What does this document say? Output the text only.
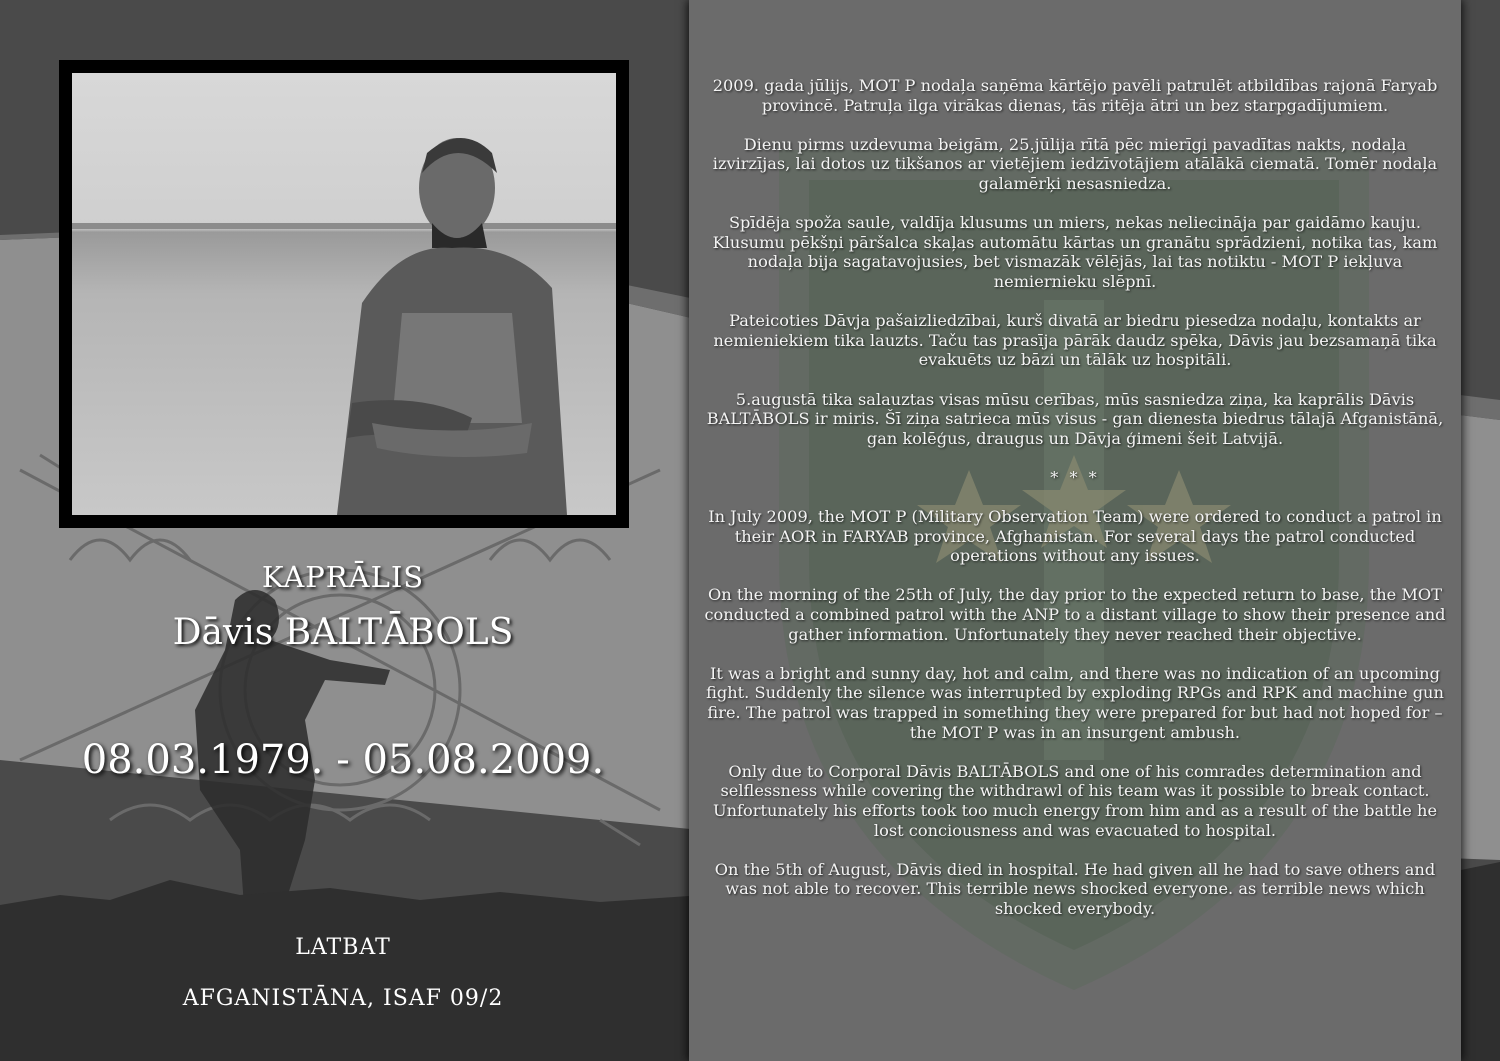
KAPRĀLIS
Dāvis BALTĀBOLS
08.03.1979. - 05.08.2009.
LATBAT
AFGANISTĀNA, ISAF 09/2

2009. gada jūlijs, MOT P nodaļa saņēma kārtējo pavēli patrulēt atbildības rajonā Faryab provincē. Patruļa ilga virākas dienas, tās ritēja ātri un bez starpgadījumiem.

Dienu pirms uzdevuma beigām, 25.jūlija rītā pēc mierīgi pavadītas nakts, nodaļa izvirzījas, lai dotos uz tikšanos ar vietējiem iedzīvotājiem atālākā ciematā. Tomēr nodaļa galamērķi nesasniedza.

Spīdēja spoža saule, valdīja klusums un miers, nekas neliecināja par gaidāmo kauju. Klusumu pēkšņi pāršalca skaļas automātu kārtas un granātu sprādzieni, notika tas, kam nodaļa bija sagatavojusies, bet vismazāk vēlējās, lai tas notiktu - MOT P iekļuva nemiernieku slēpnī.

Pateicoties Dāvja pašaizliedzībai, kurš divatā ar biedru piesedza nodaļu, kontakts ar nemieniekiem tika lauzts. Taču tas prasīja pārāk daudz spēka, Dāvis jau bezsamaņā tika evakuēts uz bāzi un tālāk uz hospitāli.

5.augustā tika salauztas visas mūsu cerības, mūs sasniedza ziņa, ka kaprālis Dāvis BALTĀBOLS ir miris. Šī ziņa satrieca mūs visus - gan dienesta biedrus tālajā Afganistānā, gan kolēģus, draugus un Dāvja ģimeni šeit Latvijā.

* * *

In July 2009, the MOT P (Military Observation Team) were ordered to conduct a patrol in their AOR in FARYAB province, Afghanistan. For several days the patrol conducted operations without any issues.

On the morning of the 25th of July, the day prior to the expected return to base, the MOT conducted a combined patrol with the ANP to a distant village to show their presence and gather information. Unfortunately they never reached their objective.

It was a bright and sunny day, hot and calm, and there was no indication of an upcoming fight. Suddenly the silence was interrupted by exploding RPGs and RPK and machine gun fire. The patrol was trapped in something they were prepared for but had not hoped for – the MOT P was in an insurgent ambush.

Only due to Corporal Dāvis BALTĀBOLS and one of his comrades determination and selflessness while covering the withdrawl of his team was it possible to break contact. Unfortunately his efforts took too much energy from him and as a result of the battle he lost conciousness and was evacuated to hospital.

On the 5th of August, Dāvis died in hospital. He had given all he had to save others and was not able to recover. This terrible news shocked everyone. as terrible news which shocked everybody.
